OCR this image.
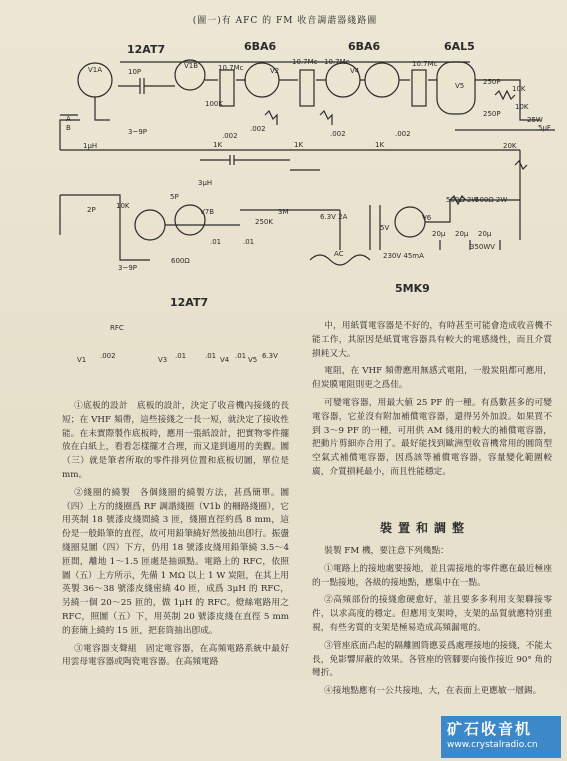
(圖一)有 AFC 的 FM 收音調諧器綫路圖
12AT7	6BA6	6BA6	6AL5
12AT7
5MK9
V1A	V1B
V2	V4
V5
V6
V7B
10P	10.7Mc
10.7Mc 10.7Mc	10.7Mc
100K
.002
.002	.002	.002
1K	1K	1K
3~9P
3~9P
3μH
1μH
5P
250K
3M
.01	.01
6.3V 2A
5V
AC	230V 45mA
500Ω 2W
500Ω 2W
20μ 20μ 20μ
350WV
250P
250P
10K
10K
25W
20K
5μF
2P	10K
600Ω
A
B
RFC
.002	.01	.01	.01 6.3V
V1	V3	V4	V5

①底板的設計　底板的設計，決定了收音機內接綫的長短；在 VHF 頻帶，這些接綫之一長一短，就決定了接收性能。在未實際製作底板時，應用一張紙設計，把實物零件擺放在白紙上，看看怎樣擺才合理，而又達到適用的美觀。圖（三）就是筆者所取的零件排列位置和底板切圖，單位是 mm。

②綫圈的繞製　各個綫圈的繞製方法，甚爲簡單。圖（四）上方的綫圈爲 RF 調諧綫圈（V1b 的柵路綫圈），它用英制 18 號漆皮綫間繞 3 匝，綫圈直徑約爲 8 mm，這份是一般鉛筆的直徑，故可用鉛筆繞好然後抽出卽行。振盪綫圈見圖（四）下方，仍用 18 號漆皮綫用鉛筆繞 3.5～4 匝間，離地 1～1.5 匝處是抽頭點。電路上的 RFC，依照圖（五）上方所示，先備 1 MΩ 以上 1 W 炭阻，在其上用英製 36～38 號漆皮綫密繞 40 匝，成爲 3μH 的 RFC，另繞一個 20～25 匝的，做 1μH 的 RFC。燈絲電路用之 RFC，照圖（五）下，用英制 20 號漆皮綫在直徑 5 mm 的套簡上繞約 15 匝，把套筒抽出卽成。

③電容器支聲組　固定電容器，在高頻電路系統中最好用雲母電容器或陶瓷電容器。在高頻電路

中，用紙質電容器是不好的，有時甚至可能會造成收音機不能工作，其原因是紙質電容器具有較大的電感綫性，而且介質損耗又大。

電阻，在 VHF 頻帶應用無感式電阻，一般炭阻都可應用，但炭膜電阻則更之爲佳。

可變電容器，用最大値 25 PF 的一種。有爲數甚多的可變電容器，它並沒有附加補償電容器，還得另外加設。如果買不到 3～9 PF 的一種，可用供 AM 綫用的較大的補償電容器，把動片剪細亦合用了。最好能找到歐洲型收音機常用的圓筒型空氣式補償電容器，因爲該等補償電容器，容量變化範圍較廣，介質損耗最小，而且性能穩定。

裝置和調整

裝製 FM 機，要注意下列幾點：

①電路上的接地處要接地，並且需接地的零件應在最近極座的一點接地，各級的接地點，應集中在一點。

②高頻部份的接綫愈硬愈好，並且要多多利用支架聯接零件，以求高度的穩定。但應用支架時，支架的品質就應特別重視，有些劣質的支架是極易造成高頻漏電的。

③管座底面凸起的隔離圓筒應妥爲處理接地的接綫，不能太長，免影響屏蔽的效果。各管座的管腳要向後作接近 90° 角的彎折。

④接地點應有一公共接地，大，在表面上更應敏一層錫。

矿石收音机
www.crystalradio.cn
